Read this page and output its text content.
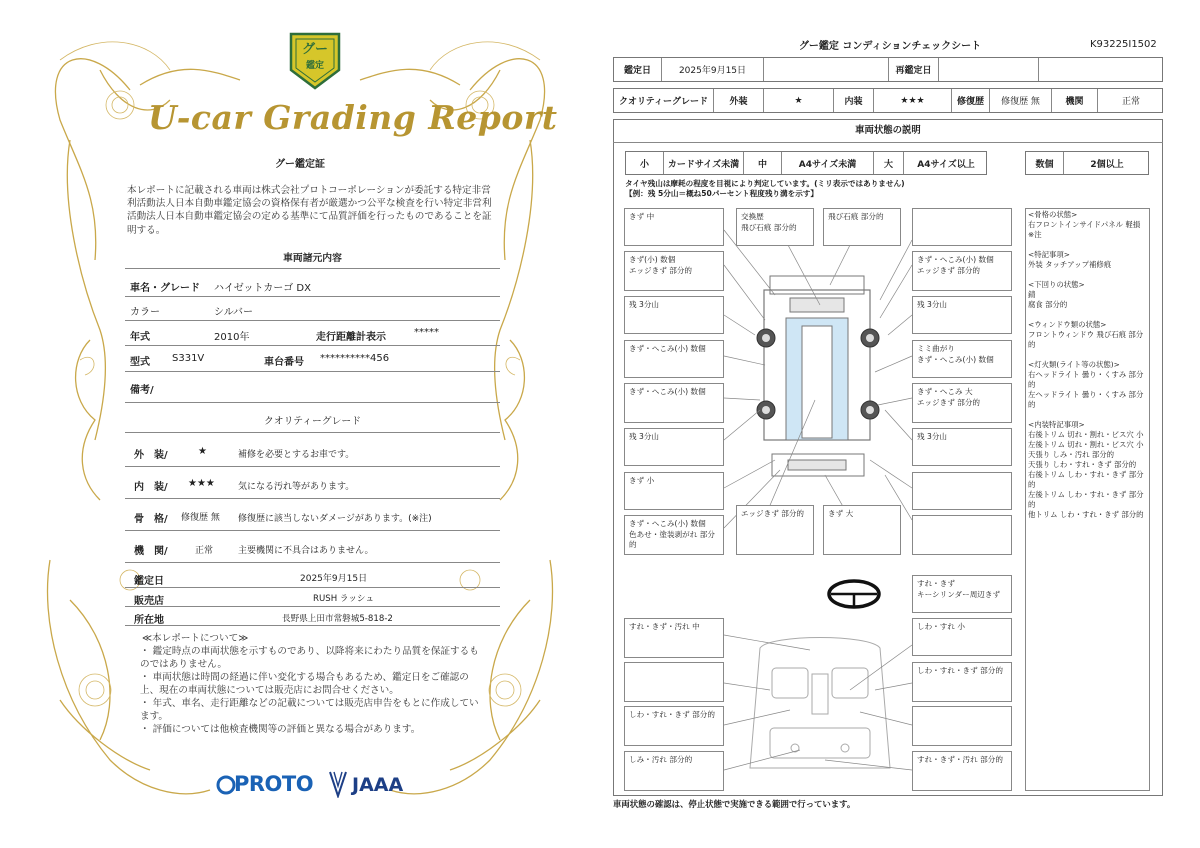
グー
鑑定
U-car Grading Report
グー鑑定証
本レポートに記載される車両は株式会社プロトコーポレーションが委託する特定非営利活動法人日本自動車鑑定協会の資格保有者が厳選かつ公平な検査を行い特定非営利活動法人日本自動車鑑定協会の定める基準にて品質評価を行ったものであることを証明する。
車両諸元内容
車名・グレード ハイゼットカーゴ DX
カラー	シルバー
年式	2010年	走行距離計表示	*****
型式 S331V	車台番号 **********456
備考/
クオリティーグレード
外　装/	★	補修を必要とするお車です。
内　装/ ★★★	気になる汚れ等があります。
骨　格/ 修復歴 無 修復歴に該当しないダメージがあります。(※注)
機　関/	正常	主要機関に不具合はありません。
鑑定日	2025年9月15日
販売店	RUSH ラッシュ
所在地	長野県上田市常磐城5-818-2
≪本レポートについて≫
・ 鑑定時点の車両状態を示すものであり、以降将来にわたり品質を保証するものではありません。
・ 車両状態は時間の経過に伴い変化する場合もあるため、鑑定日をご確認の上、現在の車両状態については販売店にお問合せください。
・ 年式、車名、走行距離などの記載については販売店申告をもとに作成しています。
・ 評価については他検査機関等の評価と異なる場合があります。
PROTO JAAA
グー鑑定 コンディションチェックシート	K93225I1502
鑑定日	2025年9月15日	再鑑定日
クオリティーグレード	外装	★	内装	★★★	修復歴	修復歴 無	機関	正常
車両状態の説明
小	カードサイズ未満	中	A4サイズ未満	大	A4サイズ以上	数個	2個以上
タイヤ残山は摩耗の程度を目視により判定しています。(ミリ表示ではありません)
【例：残 5分山＝概ね50パーセント程度残り溝を示す】
きず 中
きず(小) 数個
エッジきず 部分的
残 3分山
きず・へこみ(小) 数個
きず・へこみ(小) 数個
残 3分山
きず 小
きず・へこみ(小) 数個
色あせ・塗装剥がれ 部分的
交換歴
飛び石痕 部分的
飛び石痕 部分的
きず・へこみ(小) 数個
エッジきず 部分的
残 3分山
ミミ曲がり
きず・へこみ(小) 数個
きず・へこみ 大
エッジきず 部分的
残 3分山
エッジきず 部分的	きず 大
すれ・きず
キーシリンダー周辺きず
すれ・きず・汚れ 中	しわ・すれ 小
しわ・すれ・きず 部分的
しわ・すれ・きず 部分的
しみ・汚れ 部分的	すれ・きず・汚れ 部分的
<骨格の状態>
右フロントインサイドパネル 軽損
※注
<特記事項>
外装 タッチアップ補修痕
<下回りの状態>
錆
腐食 部分的
<ウィンドウ類の状態>
フロントウィンドウ 飛び石痕 部分的
<灯火類(ライト等の状態)>
右ヘッドライト 曇り・くすみ 部分的
左ヘッドライト 曇り・くすみ 部分的
<内装特記事項>
右後トリム 切れ・割れ・ビス穴 小
左後トリム 切れ・割れ・ビス穴 小
天張り しみ・汚れ 部分的
天張り しわ・すれ・きず 部分的
右後トリム しわ・すれ・きず 部分的
左後トリム しわ・すれ・きず 部分的
他トリム しわ・すれ・きず 部分的
車両状態の確認は、停止状態で実施できる範囲で行っています。
